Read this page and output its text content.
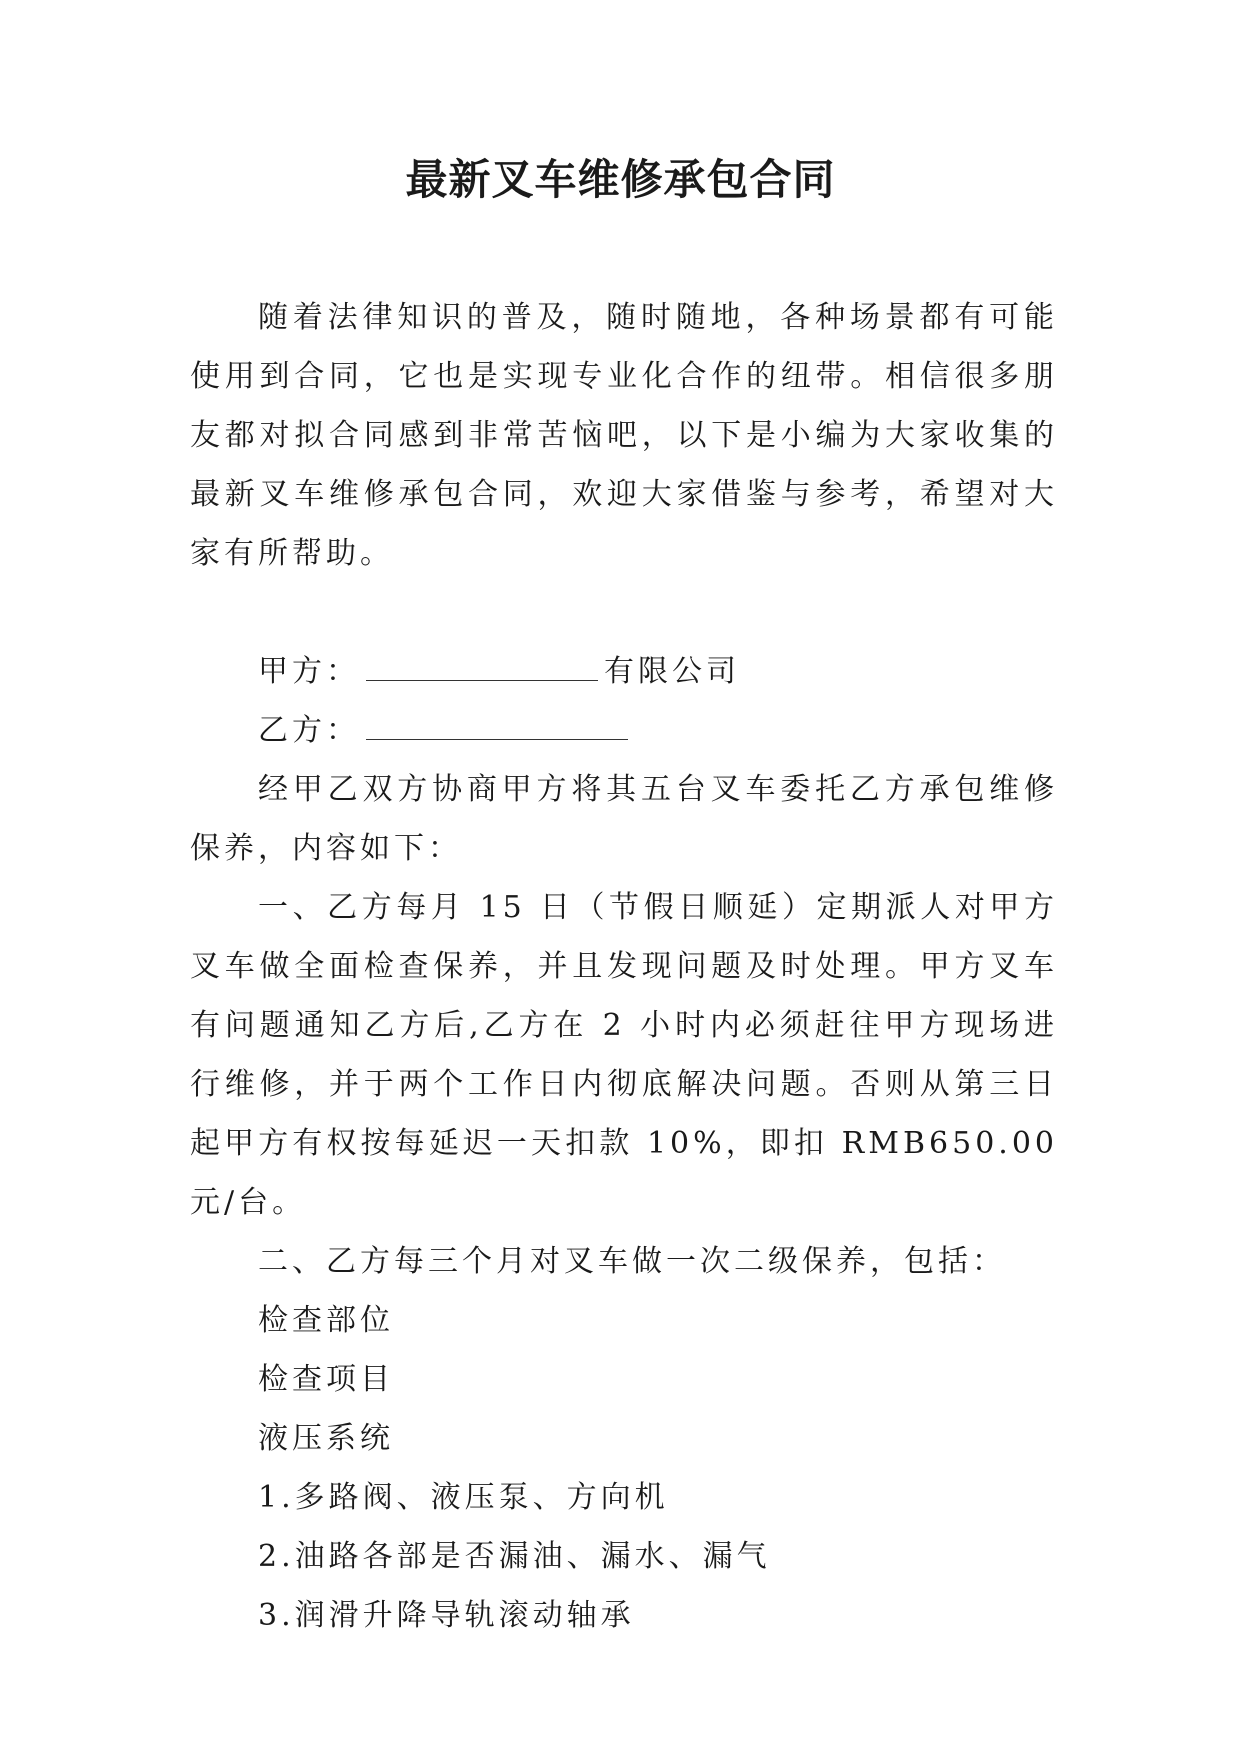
最新叉车维修承包合同

随着法律知识的普及，随时随地，各种场景都有可能使用到合同，它也是实现专业化合作的纽带。相信很多朋友都对拟合同感到非常苦恼吧，以下是小编为大家收集的最新叉车维修承包合同，欢迎大家借鉴与参考，希望对大家有所帮助。

甲方：	有限公司

乙方：

经甲乙双方协商甲方将其五台叉车委托乙方承包维修保养，内容如下：

一、乙方每月 15 日（节假日顺延）定期派人对甲方叉车做全面检查保养，并且发现问题及时处理。甲方叉车有问题通知乙方后,乙方在 2 小时内必须赶往甲方现场进行维修，并于两个工作日内彻底解决问题。否则从第三日起甲方有权按每延迟一天扣款 10%，即扣 RMB650.00 元/台。

二、乙方每三个月对叉车做一次二级保养，包括：

检查部位

检查项目

液压系统

1.多路阀、液压泵、方向机

2.油路各部是否漏油、漏水、漏气

3.润滑升降导轨滚动轴承
